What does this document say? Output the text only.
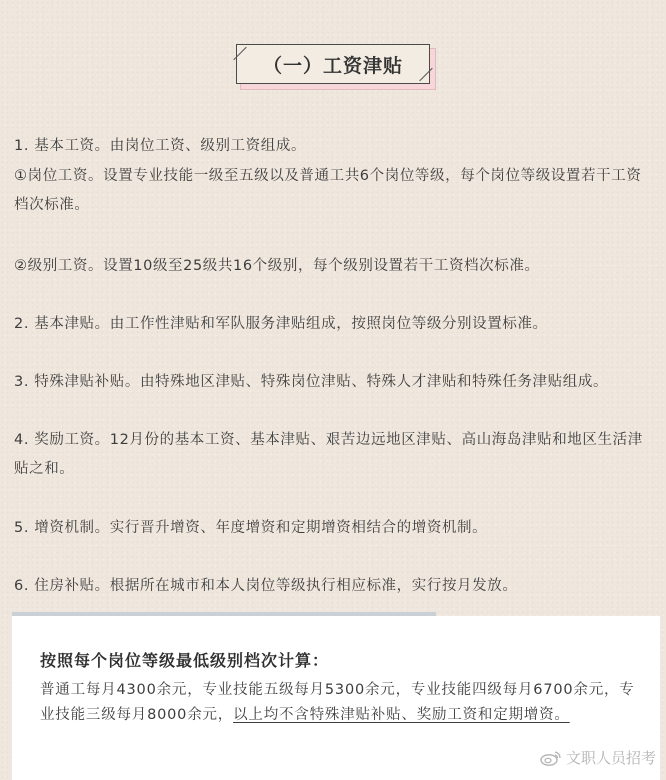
（一）工资津贴
1. 基本工资。由岗位工资、级别工资组成。
①岗位工资。设置专业技能一级至五级以及普通工共6个岗位等级，每个岗位等级设置若干工资档次标准。
②级别工资。设置10级至25级共16个级别，每个级别设置若干工资档次标准。
2. 基本津贴。由工作性津贴和军队服务津贴组成，按照岗位等级分别设置标准。
3. 特殊津贴补贴。由特殊地区津贴、特殊岗位津贴、特殊人才津贴和特殊任务津贴组成。
4. 奖励工资。12月份的基本工资、基本津贴、艰苦边远地区津贴、高山海岛津贴和地区生活津贴之和。
5. 增资机制。实行晋升增资、年度增资和定期增资相结合的增资机制。
6. 住房补贴。根据所在城市和本人岗位等级执行相应标准，实行按月发放。
按照每个岗位等级最低级别档次计算：
普通工每月4300余元，专业技能五级每月5300余元，专业技能四级每月6700余元，专业技能三级每月8000余元，以上均不含特殊津贴补贴、奖励工资和定期增资。
文职人员招考
